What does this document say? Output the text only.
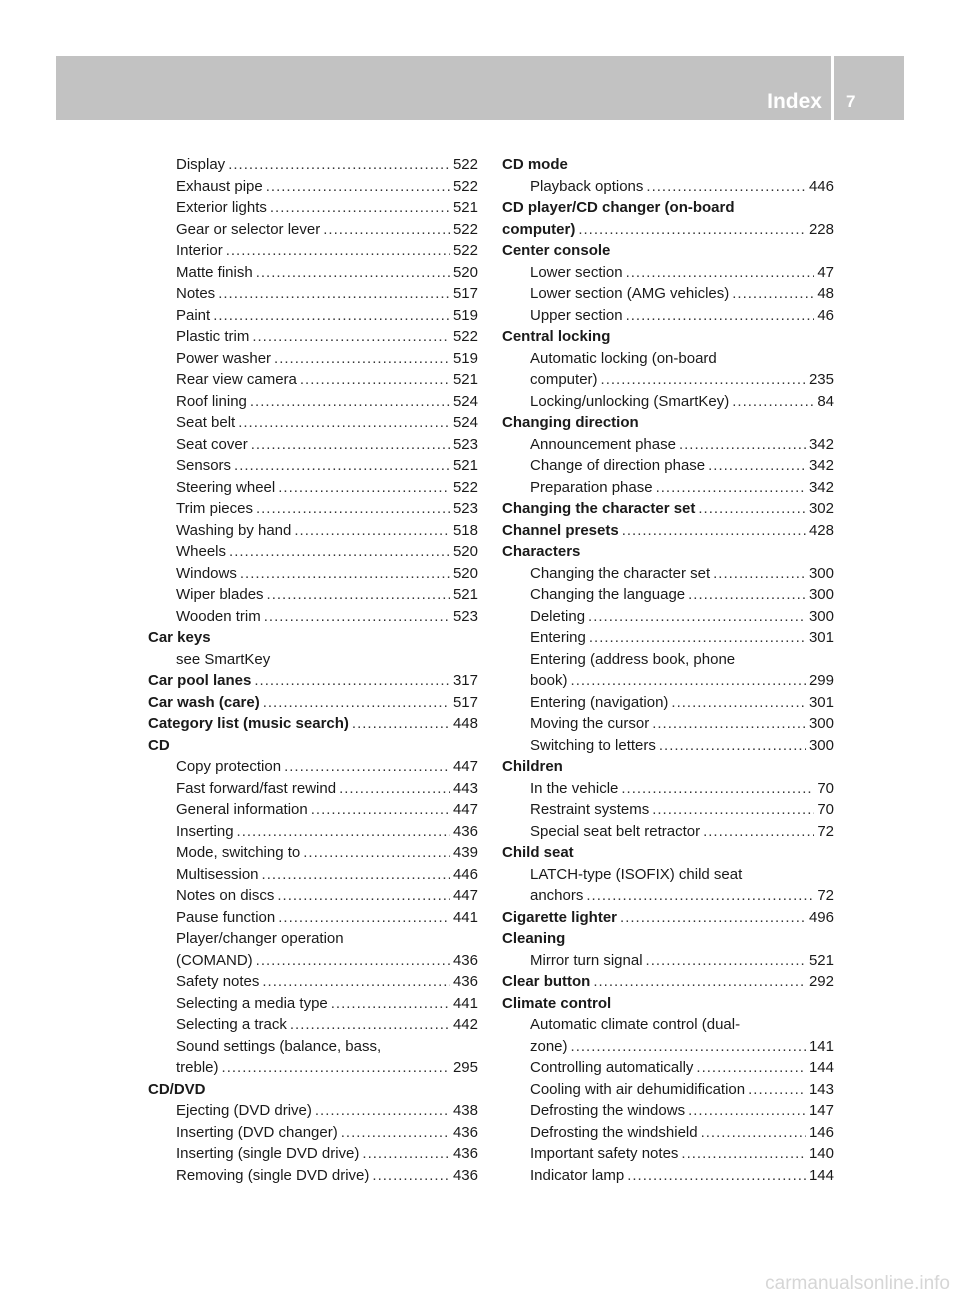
Index 7
Display .....	522
Exhaust pipe .....	522
Exterior lights .....	521
Gear or selector lever .....	522
Interior .....	522
Matte finish .....	520
Notes .....	517
Paint .....	519
Plastic trim .....	522
Power washer .....	519
Rear view camera .....	521
Roof lining .....	524
Seat belt .....	524
Seat cover .....	523
Sensors .....	521
Steering wheel .....	522
Trim pieces .....	523
Washing by hand .....	518
Wheels .....	520
Windows .....	520
Wiper blades .....	521
Wooden trim .....	523
Car keys
see SmartKey
Car pool lanes .....	317
Car wash (care) .....	517
Category list (music search) .....	448
CD
Copy protection .....	447
Fast forward/fast rewind .....	443
General information .....	447
Inserting .....	436
Mode, switching to .....	439
Multisession .....	446
Notes on discs .....	447
Pause function .....	441
Player/changer operation
(COMAND) .....	436
Safety notes .....	436
Selecting a media type .....	441
Selecting a track .....	442
Sound settings (balance, bass,
treble) .....	295
CD/DVD
Ejecting (DVD drive) .....	438
Inserting (DVD changer) .....	436
Inserting (single DVD drive) .....	436
Removing (single DVD drive) .....	436
CD mode
Playback options .....	446
CD player/CD changer (on-board
computer) .....	228
Center console
Lower section .....	47
Lower section (AMG vehicles) .....	48
Upper section .....	46
Central locking
Automatic locking (on-board
computer) .....	235
Locking/unlocking (SmartKey) .....	84
Changing direction
Announcement phase .....	342
Change of direction phase .....	342
Preparation phase .....	342
Changing the character set .....	302
Channel presets .....	428
Characters
Changing the character set .....	300
Changing the language .....	300
Deleting .....	300
Entering .....	301
Entering (address book, phone
book) .....	299
Entering (navigation) .....	301
Moving the cursor .....	300
Switching to letters .....	300
Children
In the vehicle .....	70
Restraint systems .....	70
Special seat belt retractor .....	72
Child seat
LATCH-type (ISOFIX) child seat
anchors .....	72
Cigarette lighter .....	496
Cleaning
Mirror turn signal .....	521
Clear button .....	292
Climate control
Automatic climate control (dual-
zone) .....	141
Controlling automatically .....	144
Cooling with air dehumidification .....	143
Defrosting the windows .....	147
Defrosting the windshield .....	146
Important safety notes .....	140
Indicator lamp .....	144
carmanualsonline.info
